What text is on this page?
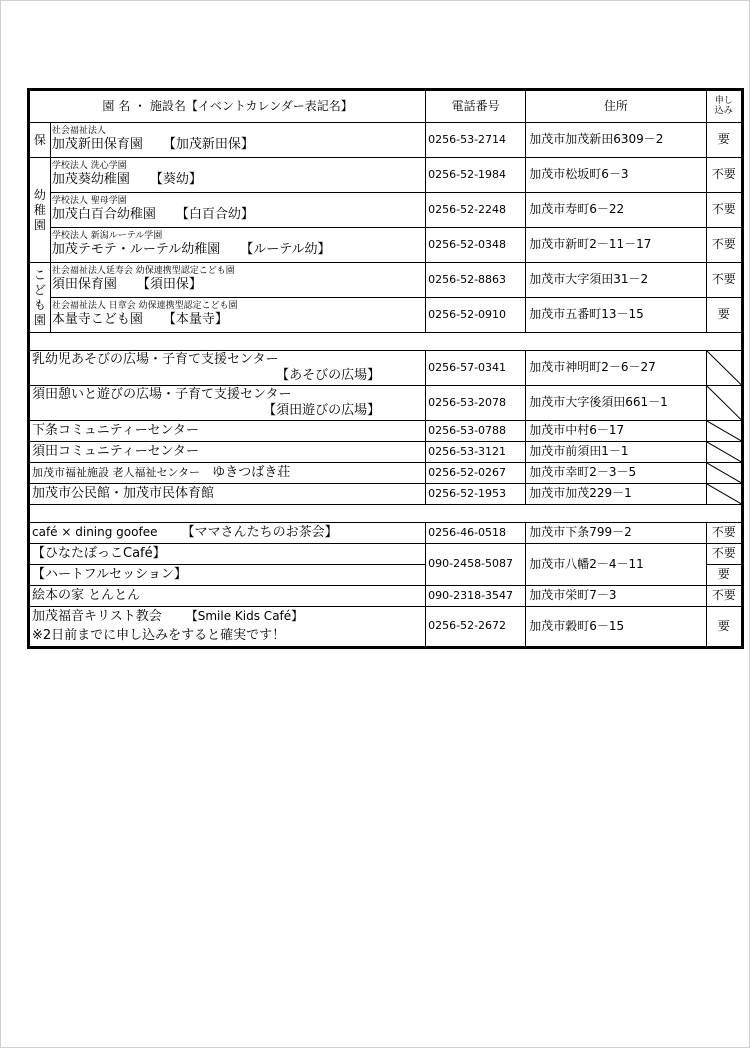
園 名 ・ 施設名【イベントカレンダー表記名】		電話番号	住所	申し
込み
保	社会福祉法人
加茂新田保育園 【加茂新田保】	0256-53-2714	加茂市加茂新田6309－2	要
幼稚園	学校法人 洗心学園
加茂葵幼稚園 【葵幼】	0256-52-1984	加茂市松坂町6－3	不要

	学校法人 聖母学園
加茂白百合幼稚園 【白百合幼】	0256-52-2248	加茂市寿町6－22	不要

	学校法人 新潟ルーテル学園
加茂テモテ・ルーテル幼稚園 【ルーテル幼】	0256-52-0348	加茂市新町2－11－17	不要
こども園	社会福祉法人延寿会 幼保連携型認定こども園
須田保育園 【須田保】	0256-52-8863	加茂市大字須田31－2	不要

	社会福祉法人 日章会 幼保連携型認定こども園
本量寺こども園 【本量寺】	0256-52-0910	加茂市五番町13－15	要

乳幼児あそびの広場・子育て支援センター
【あそびの広場】		0256-57-0341	加茂市神明町2－6－27	

須田憩いと遊びの広場・子育て支援センター
【須田遊びの広場】		0256-53-2078	加茂市大字後須田661－1	

下条コミュニティーセンター		0256-53-0788	加茂市中村6－17	

須田コミュニティーセンター		0256-53-3121	加茂市前須田1－1	

加茂市福祉施設 老人福祉センター ゆきつばき荘		0256-52-0267	加茂市幸町2－3－5	

加茂市公民館・加茂市民体育館		0256-52-1953	加茂市加茂229－1	

café × dining goofee 【ママさんたちのお茶会】		0256-46-0518	加茂市下条799－2	不要
【ひなたぼっこCafé】		090-2458-5087	加茂市八幡2－4－11	不要
【ハートフルセッション】				要
絵本の家 とんとん		090-2318-3547	加茂市栄町7－3	不要

加茂福音キリスト教会 【Smile Kids Café】
※2日前までに申し込みをすると確実です！		0256-52-2672	加茂市穀町6－15	要
